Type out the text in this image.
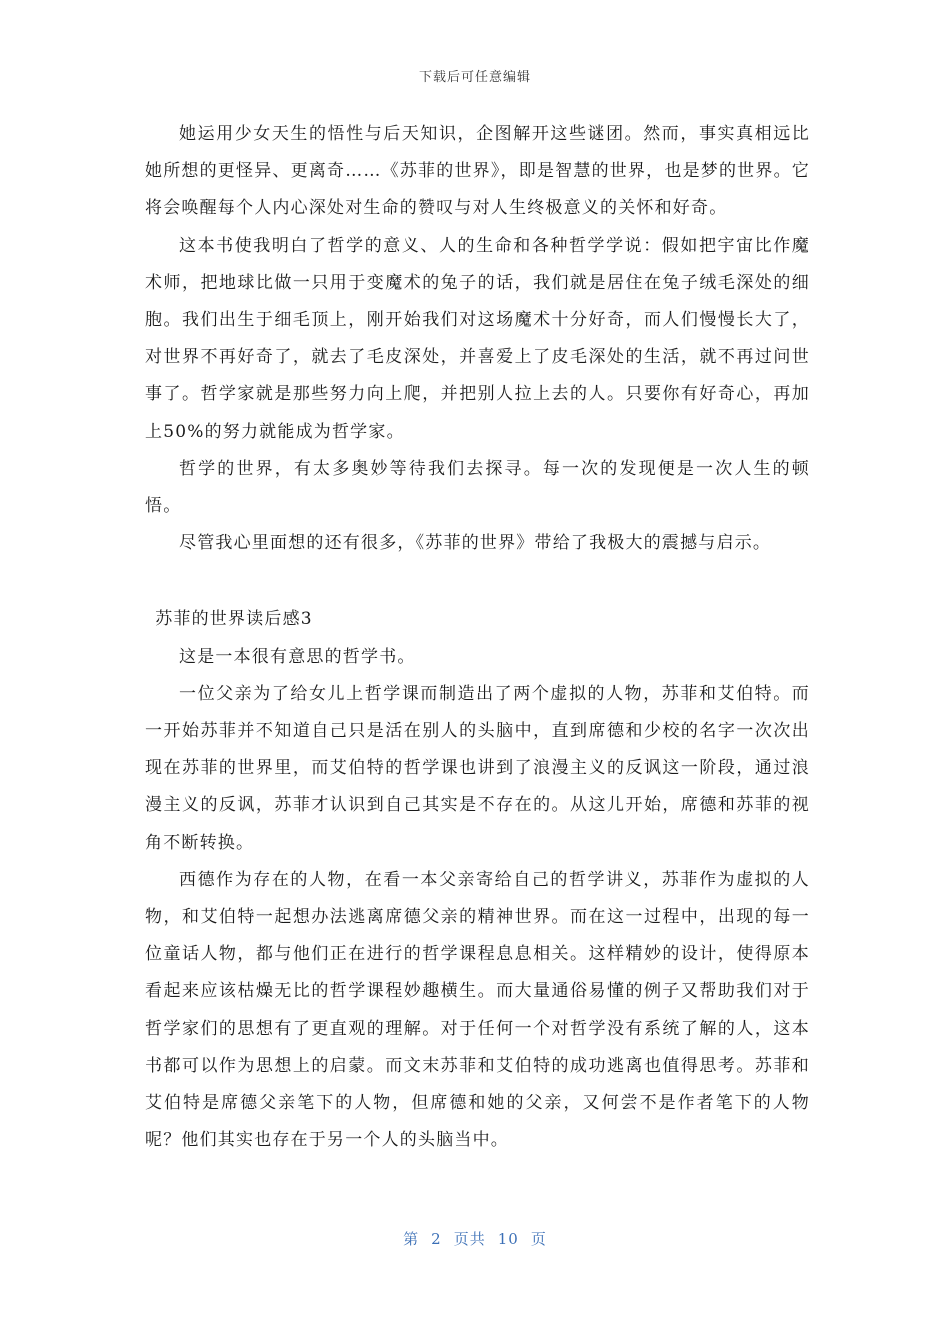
下载后可任意编辑

她运用少女天生的悟性与后天知识，企图解开这些谜团。然而，事实真相远比她所想的更怪异、更离奇……《苏菲的世界》，即是智慧的世界，也是梦的世界。它将会唤醒每个人内心深处对生命的赞叹与对人生终极意义的关怀和好奇。

这本书使我明白了哲学的意义、人的生命和各种哲学学说：假如把宇宙比作魔术师，把地球比做一只用于变魔术的兔子的话，我们就是居住在兔子绒毛深处的细胞。我们出生于细毛顶上，刚开始我们对这场魔术十分好奇，而人们慢慢长大了，对世界不再好奇了，就去了毛皮深处，并喜爱上了皮毛深处的生活，就不再过问世事了。哲学家就是那些努力向上爬，并把别人拉上去的人。只要你有好奇心，再加上50%的努力就能成为哲学家。

哲学的世界，有太多奥妙等待我们去探寻。每一次的发现便是一次人生的顿悟。

尽管我心里面想的还有很多，《苏菲的世界》带给了我极大的震撼与启示。

苏菲的世界读后感3

这是一本很有意思的哲学书。

一位父亲为了给女儿上哲学课而制造出了两个虚拟的人物，苏菲和艾伯特。而一开始苏菲并不知道自己只是活在别人的头脑中，直到席德和少校的名字一次次出现在苏菲的世界里，而艾伯特的哲学课也讲到了浪漫主义的反讽这一阶段，通过浪漫主义的反讽，苏菲才认识到自己其实是不存在的。从这儿开始，席德和苏菲的视角不断转换。

西德作为存在的人物，在看一本父亲寄给自己的哲学讲义，苏菲作为虚拟的人物，和艾伯特一起想办法逃离席德父亲的精神世界。而在这一过程中，出现的每一位童话人物，都与他们正在进行的哲学课程息息相关。这样精妙的设计，使得原本看起来应该枯燥无比的哲学课程妙趣横生。而大量通俗易懂的例子又帮助我们对于哲学家们的思想有了更直观的理解。对于任何一个对哲学没有系统了解的人，这本书都可以作为思想上的启蒙。而文末苏菲和艾伯特的成功逃离也值得思考。苏菲和艾伯特是席德父亲笔下的人物，但席德和她的父亲，又何尝不是作者笔下的人物呢？他们其实也存在于另一个人的头脑当中。

第 2 页共 10 页
